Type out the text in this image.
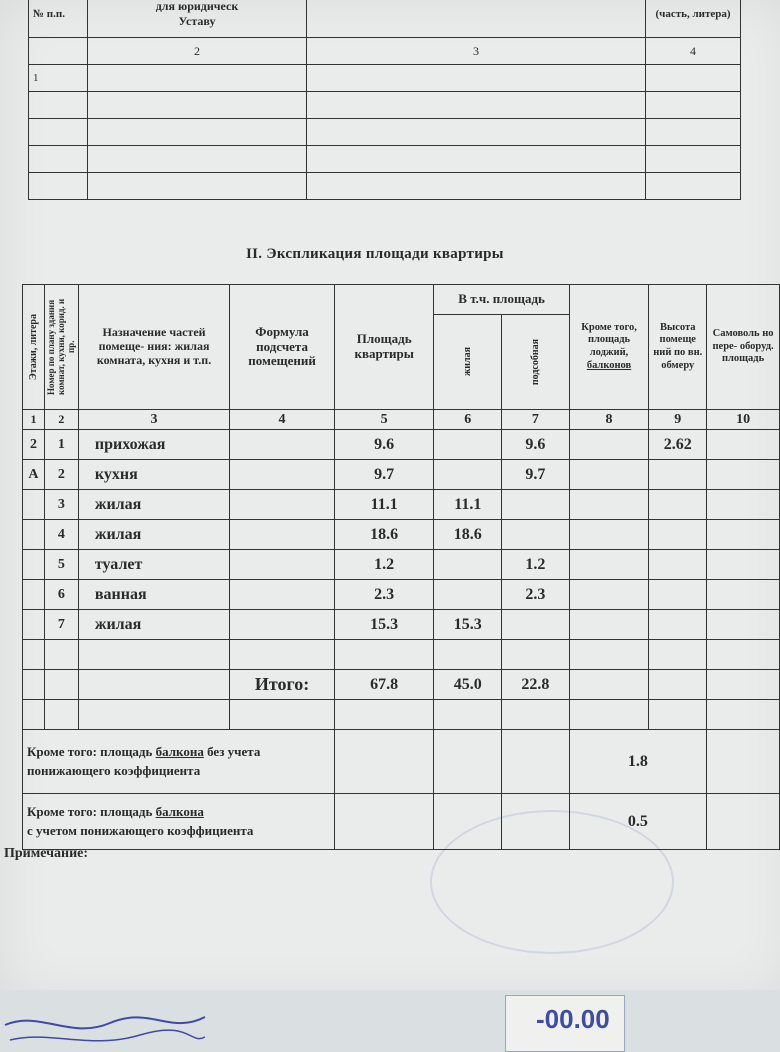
№ п.п.	для юридическ
Уставу		(часть, литера)
	2	3	4
1			

II. Экспликация площади квартиры
Этажи, литера	Номер по плану здания комнат, кухни, корид. и пр.	Назначение частей помеще- ния: жилая комната, кухня и т.п.	Формула подсчета помещений	Площадь квартиры	В т.ч. площадь		Кроме того, площадь лоджий, балконов	Высота помеще ний по вн. обмеру	Самоволь но пере- оборуд. площадь

					жилая	подсобная			

1	2	3	4	5	6	7	8	9	10
2	1	прихожая		9.6		9.6		2.62	
А	2	кухня		9.7		9.7			
	3	жилая		11.1	11.1				
	4	жилая		18.6	18.6				
	5	туалет		1.2		1.2			
	6	ванная		2.3		2.3			
	7	жилая		15.3	15.3				

			Итого:	67.8	45.0	22.8			

Кроме того: площадь балкона без учета понижающего коэффициента							1.8		
Кроме того: площадь балкона
с учетом понижающего коэффициента							0.5		
Примечание:
-00.00
